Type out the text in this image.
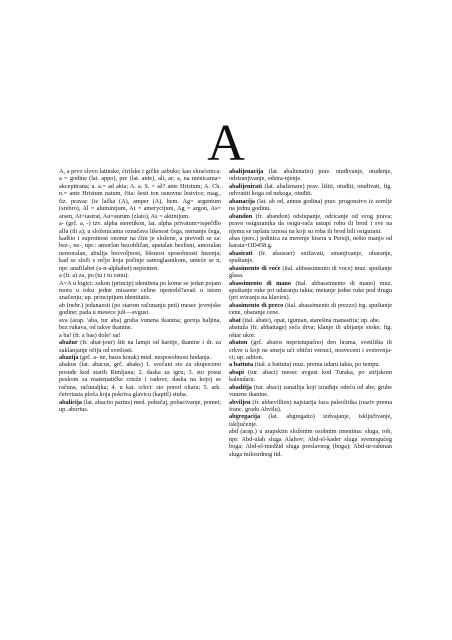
A

A, a prvo slovo latinske, ćirilske i grčke azbuke; kao skraćenica: a = godine (lat. appo), pre (lat. ante), alt, ar; a, na menicama= akceptirana; a. a.= ad akta; A. a. S. = až? ante Hristum; A. Ch. n.= ante Hristum natum, čita: šesti ton osnovne lestvice; mag., fiz. pravac (iz lačka (A), amper (A), hem. Ag= argentum (srebro), Al = aluminijum, At = amerycijum, Ag = argon, As= arsen, At=iastrat, Au=aurum (zlato), As = aktinijum.

a- (grč. a, -) tzv. alpha steretikon, lat. alpha privatum=ispečđlo alfa (ili a); u složenicama označava lišenost čega, nemanje čega, kadšto i suprotnost onome na čim je složene, a prevodi se sa: bez-, ne-, npr.: amorfan bezobličan, apetalan bezlisni, amoralan nemoralan, abulija bezvoljnost, lišenost sposobnosti hteenja; kad se složi s rečju koja počinje samoglasnikom, umeće se n, npr. anafilabet (a-n-alphabet) nepismen.

a (fr. a) za, po (tu i tu cenu).

A=A u logici: zakon (princip) identiteta po kome se jedan pojam mora u toku jedne misaone celine upotrebl?avati u istom značenju; up. principijum identitatis.

ab (nebr.) jedanaesti (po starom računanju peti) mesec jevrejske godine; pada u mesece juli—avgust.

ava (arap. 'aba, tur aba) gruba vunena tkanina; gornja haljina, bez rukava, od takve tkanine.

a ba! (fr. a bas) dole! ua!

abažur (fr. abat-jour) štit na lampi od hartije, tkanine i dr. za zaklanjanje očiju od svetlosti.

abazija (grč. a- ne, basis korak) med. nesposobnost hodanja.

abakus (lat. abacus, grč. abaks) 1. svečani sto za skupoceno posuđe kod starih Rimljana; 2. daska za igru; 3. sto posut peskom za matematičke crteže i radove, daska na kojoj se računa, računaljka; 4. u kat. crkvi: sto pored oltara; 5. ark. četvrtasta ploča koja pokriva glavicu (kapitl) stuba.

abalicija (lat. abactio partus) med. pobačaj, pobacivanje, pomet; up. abortus.

abaliјenacija (lat. abalienatio) prav. otuđivanje, otuđenje, odstranjivanje, odstra-njenje.

abalijenirati (lat. abalienare) prav. lišiti, otuđiti, otuđivati, fig. odvratiti koga od nekoga, otuđiti.

abanacija (lat. ab od, annus godina) prav. progonstvo iz zemlje na jednu godinu.

abandon (fr. abandon) odstupanje, odricanje od svog prava; pravo osiguranika da osigu-račа ustupi robu ili brod i sve na njemu se isplatu iznosa na koji su roba ili brod bili osigurani.

abas (pers.) jedinica za merenje bisera u Persiji, nešto manjo od karata=OD458 g.

abasirati (fr. abaisser) snižavati, smanjivanje, obaranje, spuštanje.

abasimento di voće (ital. abbassimento di voce) muz. spuštanje glasa.

abassimento di mano (ital. abbassimento di mano) muz. spuštanje ruke pri udaranju takta; metanje jedne ruke pod drugu (pri sviranju na klaviru).

abasimento di preco (ital. abassimento di prezzo) trg. spuštanje cene, obaranje cene.

abat (ital. abate), opat, iguman, starešina manastira; up. abe.

abatuža (fr. abbattage) seča drva; klanje ili ubijanje stoke; fig. oštar ukor.

abaton (grč. abatos nepristupačno) deo hrama, svetilišta ili crkve u koji ne smeju ući obični vernici, nosveceni i svetovnja-ci; up. adiion.

a battuta (ital. a battuta) muz. prema udaru takta, po tempu.

abapi (tur. abaci) mesec avgust kod Turaka, po sirijskom kalendaru.

abadžija (tur. abaci) zanatlija koji izrađuje odeću od abe; grube vunene tkanine.

abviljen (fr. abbevillien) najstarija faza paleolitika (naziv prema franc. gradu Abvilu).

abgregacija (lat. abgregatio) izdvajanje, isključivanje, isključenje.

abd (arap.) u arapskim složenim osobnim imenima: sluga, rob, npr. Abd-ulah sluga Alahov; Abd-el-kader sluga svemogućeg boga; Abd-el-medžid sluga preslavnog (boga); Abd-ur-rahman sluga milosrdnog itd.
